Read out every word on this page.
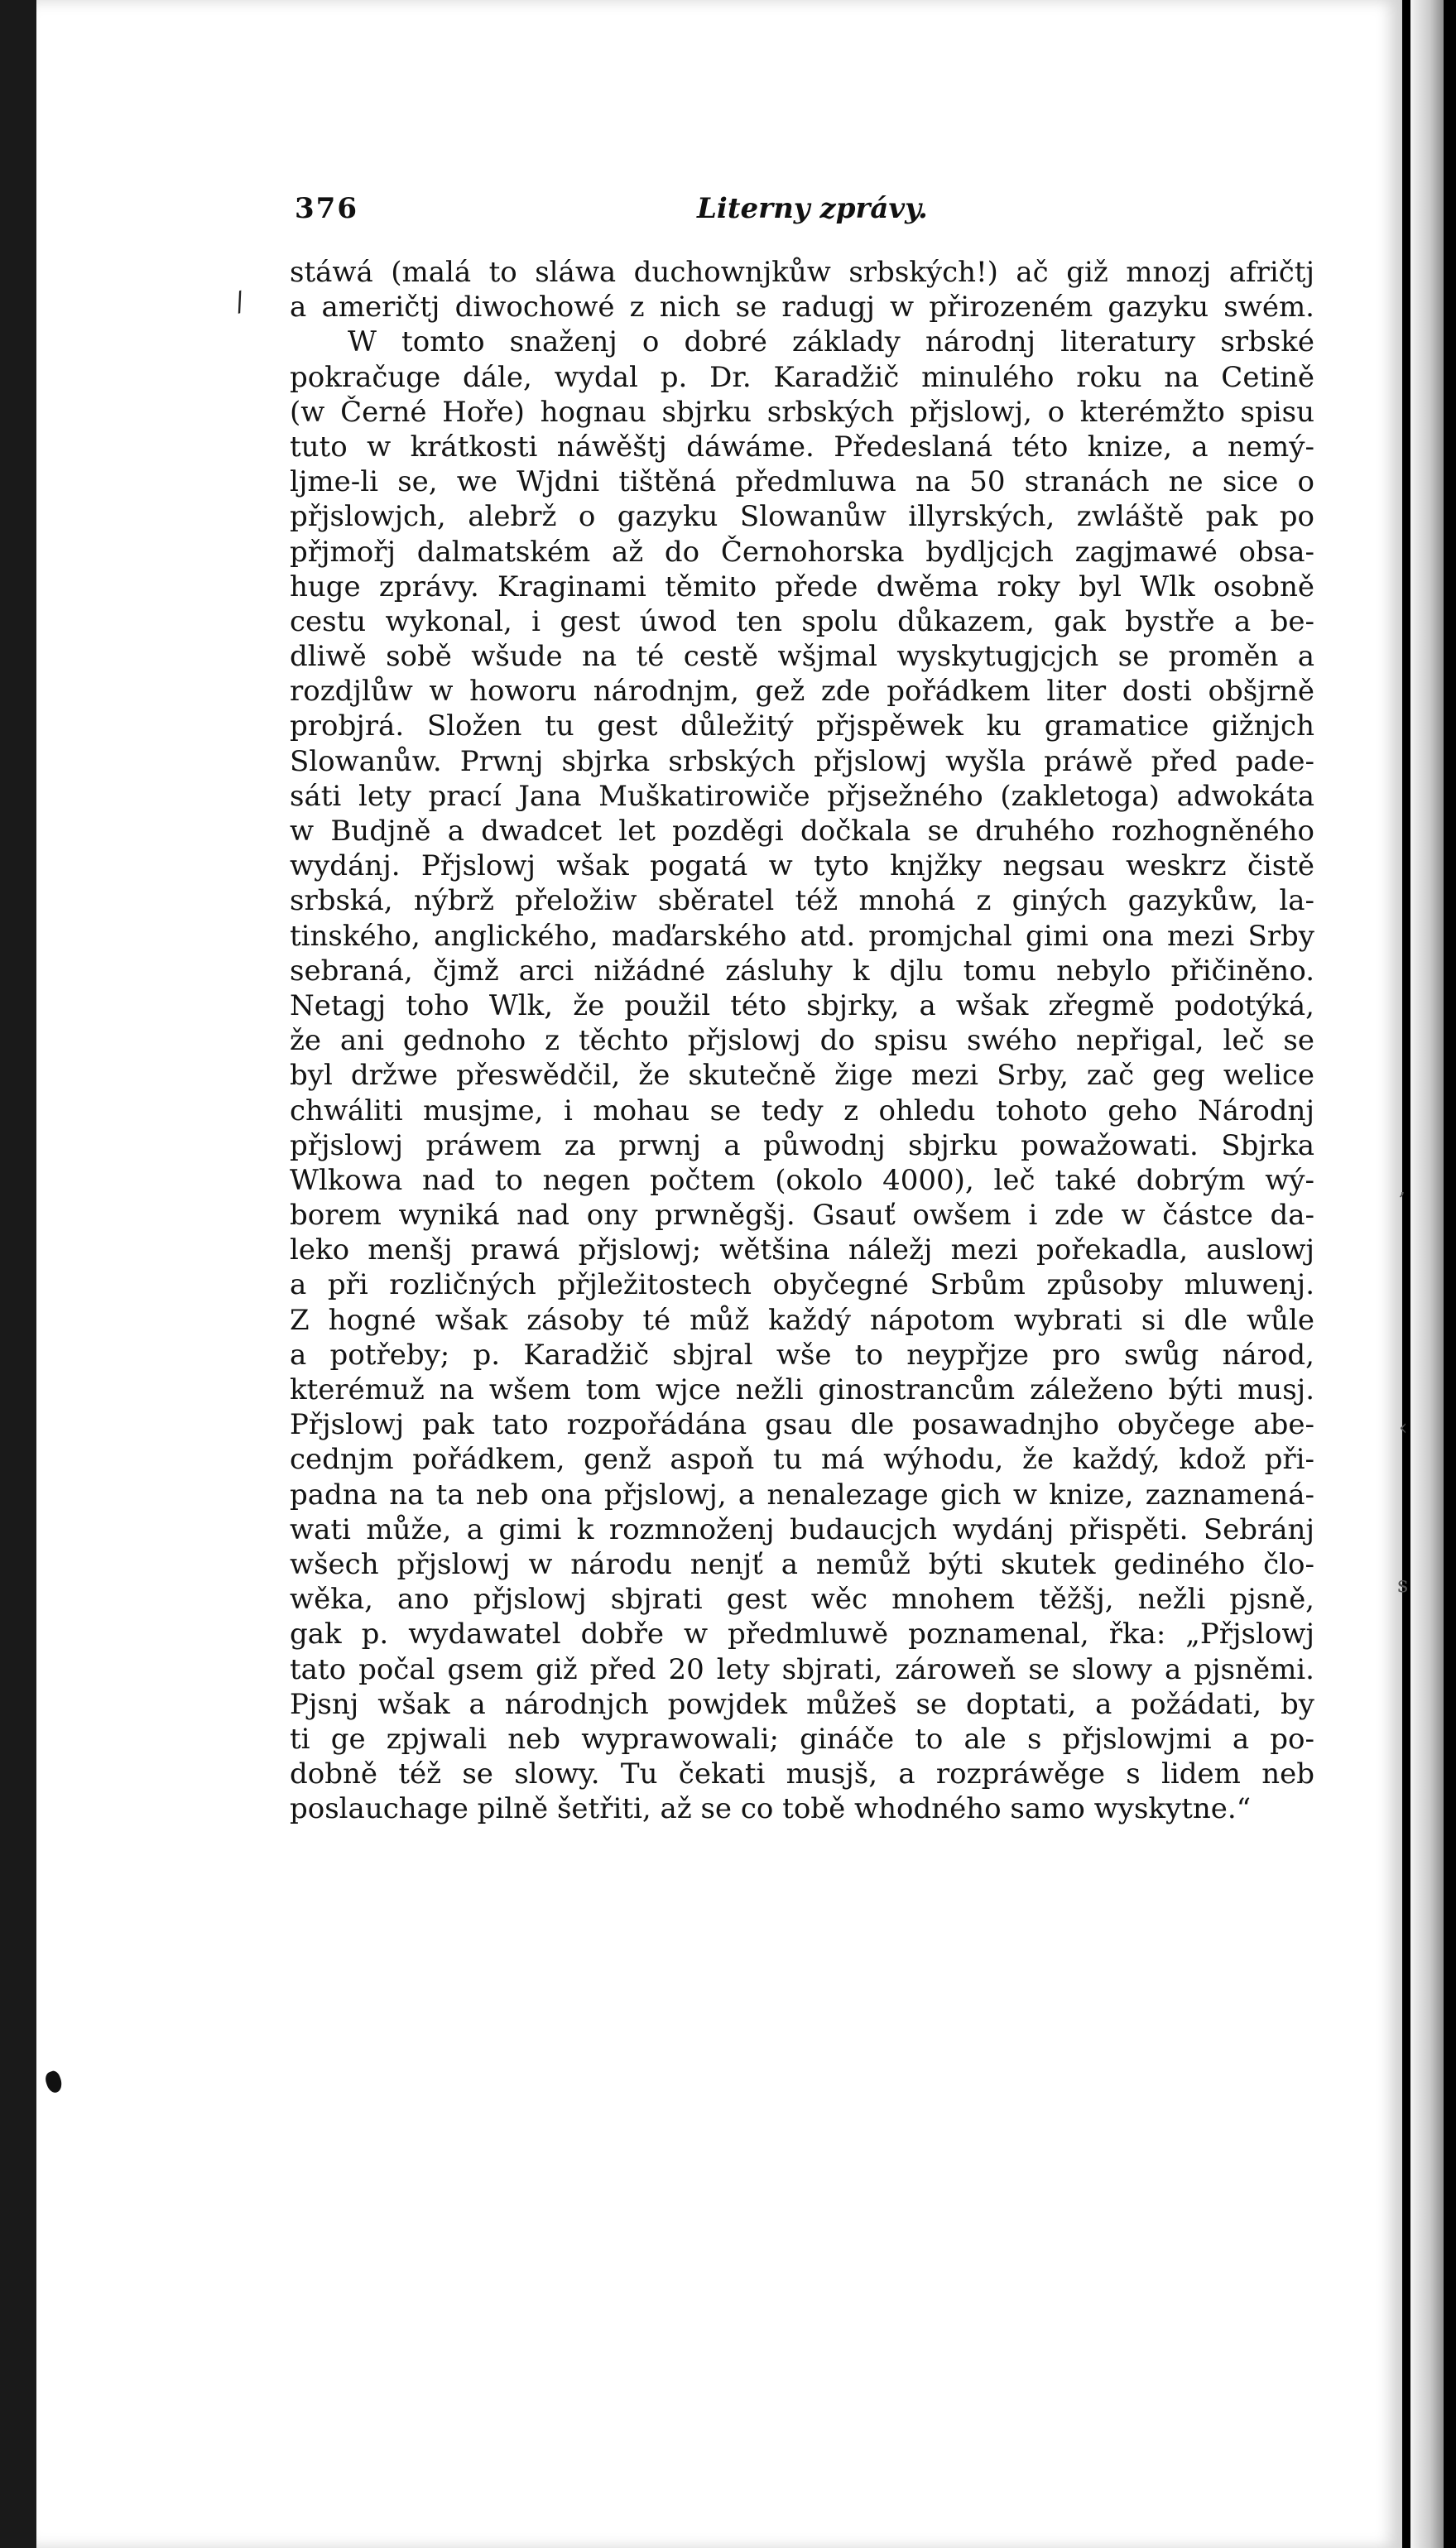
376	Literny zprávy.
/
,
‹
s
stáwá (malá to sláwa duchownjkůw srbských!) ač giž mnozj afričtj
a američtj diwochowé z nich se radugj w přirozeném gazyku swém.
W tomto snaženj o dobré základy národnj literatury srbské
pokračuge dále, wydal p. Dr. Karadžič minulého roku na Cetině
(w Černé Hoře) hognau sbjrku srbských přjslowj, o kterémžto spisu
tuto w krátkosti náwěštj dáwáme. Předeslaná této knize, a nemý-
ljme-li se, we Wjdni tištěná předmluwa na 50 stranách ne sice o
přjslowjch, alebrž o gazyku Slowanůw illyrských, zwláště pak po
přjmořj dalmatském až do Černohorska bydljcjch zagjmawé obsa-
huge zprávy. Kraginami těmito přede dwěma roky byl Wlk osobně
cestu wykonal, i gest úwod ten spolu důkazem, gak bystře a be-
dliwě sobě wšude na té cestě wšjmal wyskytugjcjch se proměn a
rozdjlůw w howoru národnjm, gež zde pořádkem liter dosti obšjrně
probjrá. Složen tu gest důležitý přjspěwek ku gramatice gižnjch
Slowanůw. Prwnj sbjrka srbských přjslowj wyšla práwě před pade-
sáti lety prací Jana Muškatirowiče přjsežného (zakletoga) adwokáta
w Budjně a dwadcet let pozděgi dočkala se druhého rozhogněného
wydánj. Přjslowj wšak pogatá w tyto knjžky negsau weskrz čistě
srbská, nýbrž přeložiw sběratel též mnohá z giných gazykůw, la-
tinského, anglického, maďarského atd. promjchal gimi ona mezi Srby
sebraná, čjmž arci nižádné zásluhy k djlu tomu nebylo přičiněno.
Netagj toho Wlk, že použil této sbjrky, a wšak zřegmě podotýká,
že ani gednoho z těchto přjslowj do spisu swého nepřigal, leč se
byl držwe přeswědčil, že skutečně žige mezi Srby, zač geg welice
chwáliti musjme, i mohau se tedy z ohledu tohoto geho Národnj
přjslowj práwem za prwnj a půwodnj sbjrku powažowati. Sbjrka
Wlkowa nad to negen počtem (okolo 4000), leč také dobrým wý-
borem wyniká nad ony prwněgšj. Gsauť owšem i zde w částce da-
leko menšj prawá přjslowj; wětšina náležj mezi pořekadla, auslowj
a při rozličných přjležitostech obyčegné Srbům způsoby mluwenj.
Z hogné wšak zásoby té můž každý nápotom wybrati si dle wůle
a potřeby; p. Karadžič sbjral wše to neypřjze pro swůg národ,
kterémuž na wšem tom wjce nežli ginostrancům záleženo býti musj.
Přjslowj pak tato rozpořádána gsau dle posawadnjho obyčege abe-
cednjm pořádkem, genž aspoň tu má wýhodu, že každý, kdož při-
padna na ta neb ona přjslowj, a nenalezage gich w knize, zaznamená-
wati může, a gimi k rozmnoženj budaucjch wydánj přispěti. Sebránj
wšech přjslowj w národu nenjť a nemůž býti skutek gediného člo-
wěka, ano přjslowj sbjrati gest wěc mnohem těžšj, nežli pjsně,
gak p. wydawatel dobře w předmluwě poznamenal, řka: „Přjslowj
tato počal gsem giž před 20 lety sbjrati, zároweň se slowy a pjsněmi.
Pjsnj wšak a národnjch powjdek můžeš se doptati, a požádati, by
ti ge zpjwali neb wyprawowali; gináče to ale s přjslowjmi a po-
dobně též se slowy. Tu čekati musjš, a rozpráwěge s lidem neb
poslauchage pilně šetřiti, až se co tobě whodného samo wyskytne.“
